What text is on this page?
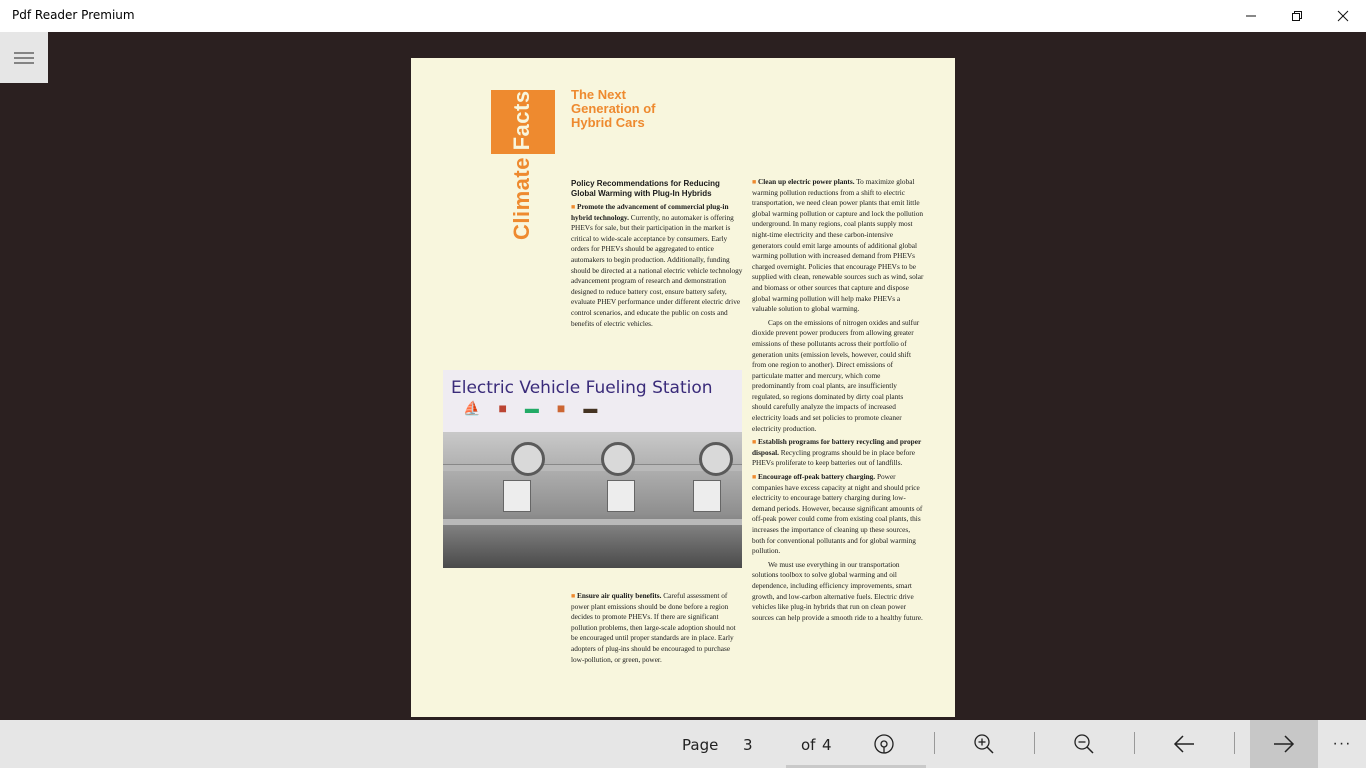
Pdf Reader Premium
Climate Facts	The Next
Generation of
Hybrid Cars
Policy Recommendations for Reducing Global Warming with Plug-In Hybrids

■ Promote the advancement of commercial plug-in hybrid technology. Currently, no automaker is offering PHEVs for sale, but their participation in the market is critical to wide-scale acceptance by consumers. Early orders for PHEVs should be aggregated to entice automakers to begin production. Additionally, funding should be directed at a national electric vehicle technology advancement program of research and demonstration designed to reduce battery cost, ensure battery safety, evaluate PHEV performance under different electric drive control scenarios, and educate the public on costs and benefits of electric vehicles.

Electric Vehicle Fueling Station
⛵ ■ ▬ ■ ▬

■ Ensure air quality benefits. Careful assessment of power plant emissions should be done before a region decides to promote PHEVs. If there are significant pollution problems, then large-scale adoption should not be encouraged until proper standards are in place. Early adopters of plug-ins should be encouraged to purchase low-pollution, or green, power.

■ Clean up electric power plants. To maximize global warming pollution reductions from a shift to electric transportation, we need clean power plants that emit little global warming pollution or capture and lock the pollution underground. In many regions, coal plants supply most night-time electricity and these carbon-intensive generators could emit large amounts of additional global warming pollution with increased demand from PHEVs charged overnight. Policies that encourage PHEVs to be supplied with clean, renewable sources such as wind, solar and biomass or other sources that capture and dispose global warming pollution will help make PHEVs a valuable solution to global warming.

Caps on the emissions of nitrogen oxides and sulfur dioxide prevent power producers from allowing greater emissions of these pollutants across their portfolio of generation units (emission levels, however, could shift from one region to another). Direct emissions of particulate matter and mercury, which come predominantly from coal plants, are insufficiently regulated, so regions dominated by dirty coal plants should carefully analyze the impacts of increased electricity loads and set policies to promote cleaner electricity production.

■ Establish programs for battery recycling and proper disposal. Recycling programs should be in place before PHEVs proliferate to keep batteries out of landfills.

■ Encourage off-peak battery charging. Power companies have excess capacity at night and should price electricity to encourage battery charging during low-demand periods. However, because significant amounts of off-peak power could come from existing coal plants, this increases the importance of cleaning up these sources, both for conventional pollutants and for global warming pollution.

We must use everything in our transportation solutions toolbox to solve global warming and oil dependence, including efficiency improvements, smart growth, and low-carbon alternative fuels. Electric drive vehicles like plug-in hybrids that run on clean power sources can help provide a smooth ride to a healthy future.

Page 3	of 4	···
